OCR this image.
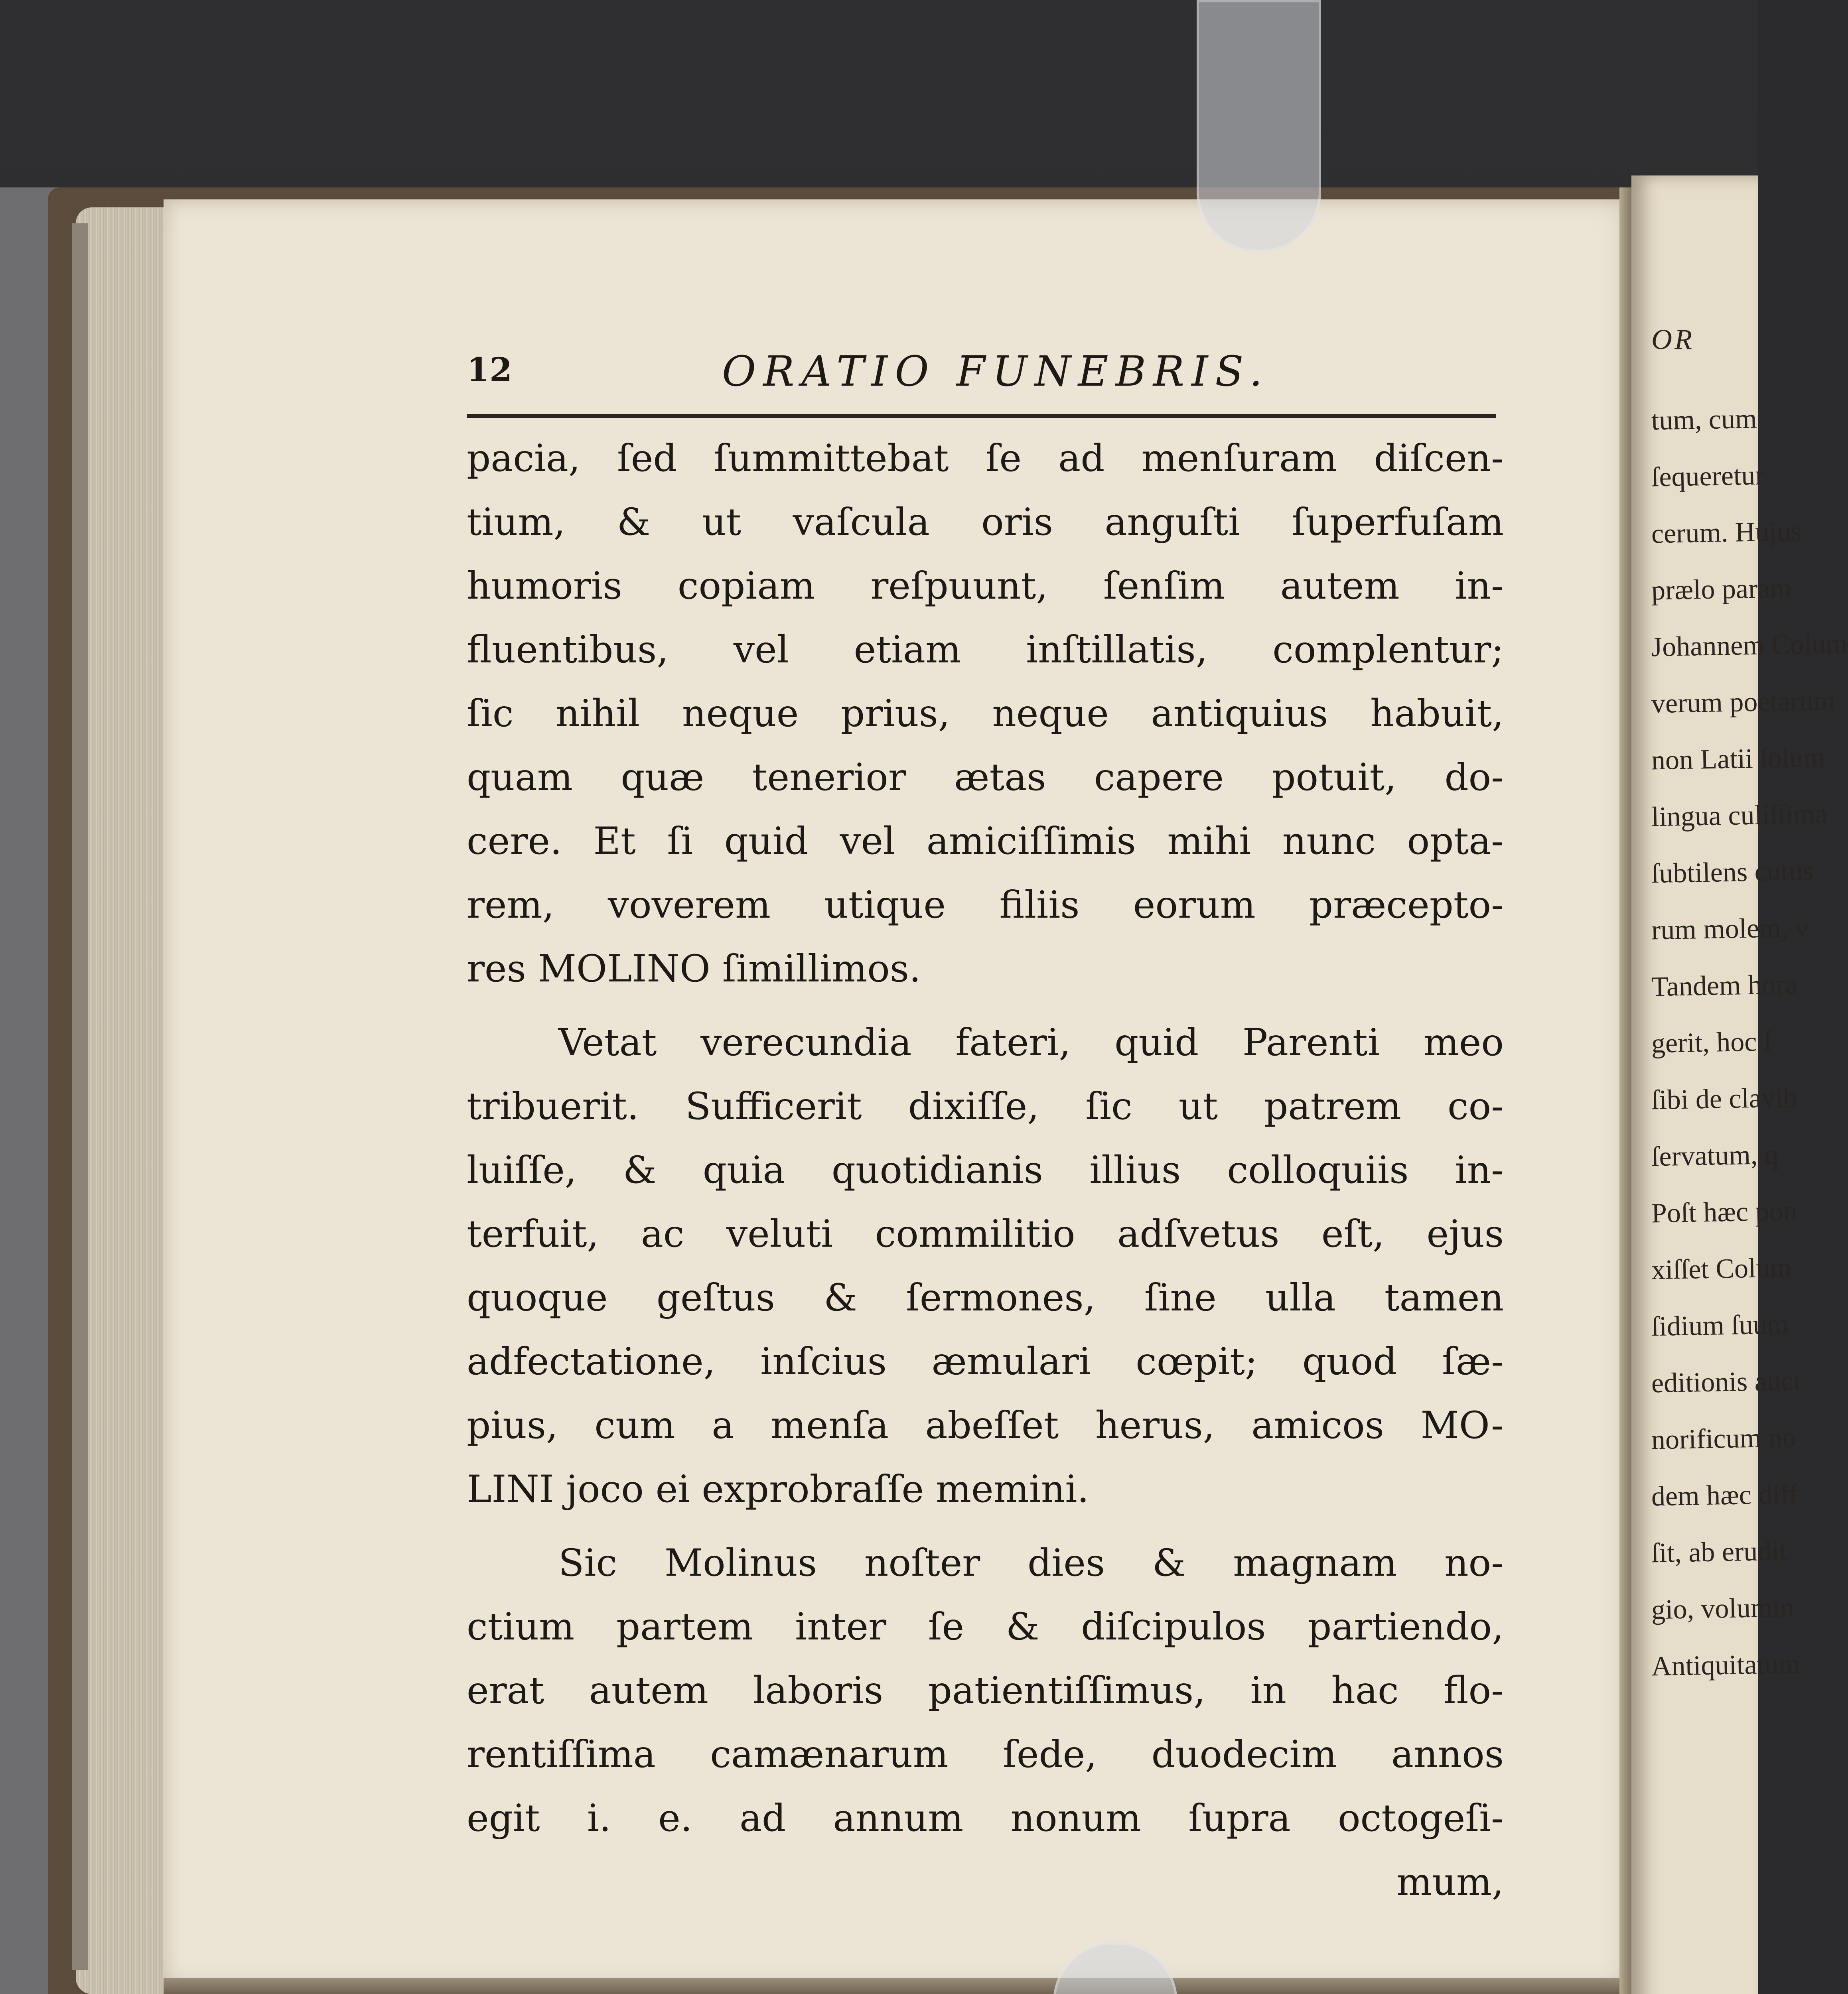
OR
tum, cum
ſequeretur
cerum. Hujus
prælo param
Johannem Colum
verum poetarum
non Latii ſolum
lingua culiſſima
ſubtilens cutus
rum molem, v
Tandem hora
gerit, hoc ſ
ſibi de clavib
ſervatum, q
Poſt hæc pon
xiſſet Colum
ſidium ſuum
editionis auct
norificum no
dem hæc diff
ſit, ab erudit
gio, volumin
Antiquitatum
12	ORATIO FUNEBRIS.
pacia, ſed ſummittebat ſe ad menſuram diſcen-
tium, & ut vaſcula oris anguſti ſuperfuſam
humoris copiam reſpuunt, ſenſim autem in-
fluentibus, vel etiam inſtillatis, complentur;
ſic nihil neque prius, neque antiquius habuit,
quam quæ tenerior ætas capere potuit, do-
cere. Et ſi quid vel amiciſſimis mihi nunc opta-
rem, voverem utique filiis eorum præcepto-
res MOLINO ſimillimos.
Vetat verecundia fateri, quid Parenti meo
tribuerit. Sufficerit dixiſſe, ſic ut patrem co-
luiſſe, & quia quotidianis illius colloquiis in-
terfuit, ac veluti commilitio adſvetus eſt, ejus
quoque geſtus & ſermones, ſine ulla tamen
adfectatione, inſcius æmulari cœpit; quod ſæ-
pius, cum a menſa abeſſet herus, amicos MO-
LINI joco ei exprobraſſe memini.
Sic Molinus noſter dies & magnam no-
ctium partem inter ſe & diſcipulos partiendo,
erat autem laboris patientiſſimus, in hac flo-
rentiſſima camænarum ſede, duodecim annos
egit i. e. ad annum nonum ſupra octogeſi-
mum,
